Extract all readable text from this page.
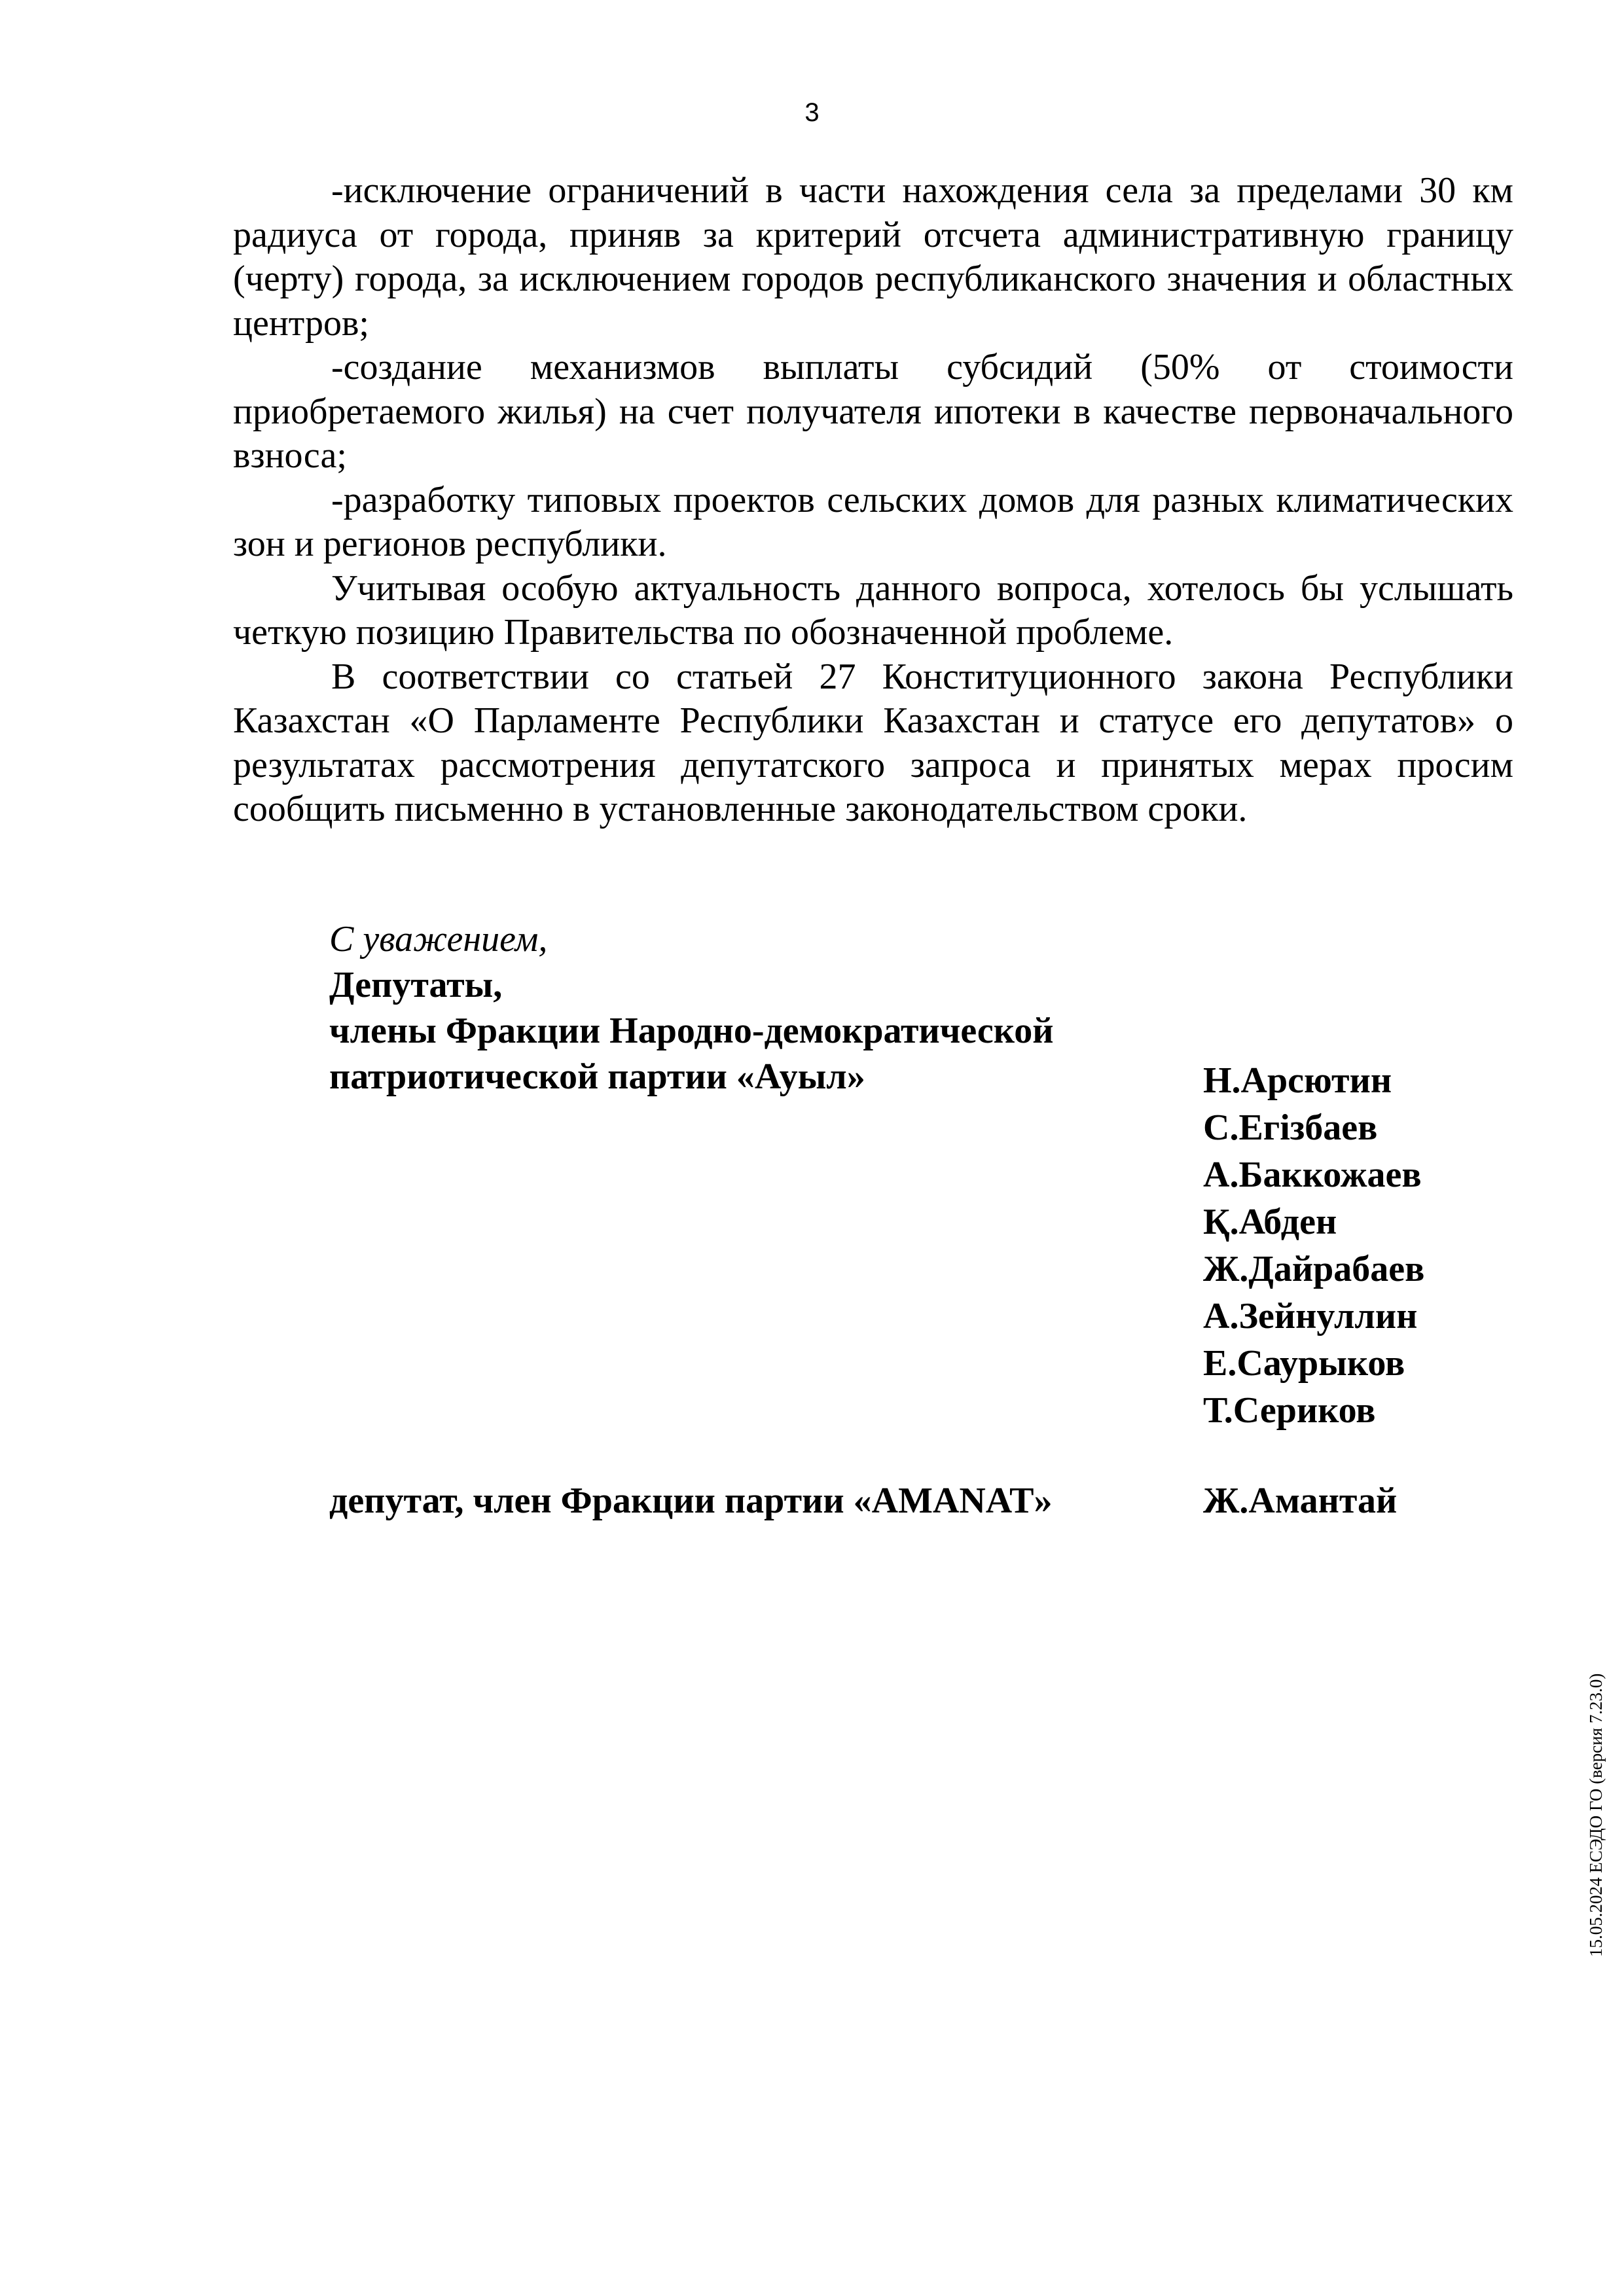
3

-исключение ограничений в части нахождения села за пределами 30 км радиуса от города, приняв за критерий отсчета административную границу (черту) города, за исключением городов республиканского значения и областных центров;

-создание механизмов выплаты субсидий (50% от стоимости приобретаемого жилья) на счет получателя ипотеки в качестве первоначального взноса;

-разработку типовых проектов сельских домов для разных климатических зон и регионов республики.

Учитывая особую актуальность данного вопроса, хотелось бы услышать четкую позицию Правительства по обозначенной проблеме.

В соответствии со статьей 27 Конституционного закона Республики Казахстан «О Парламенте Республики Казахстан и статусе его депутатов» о результатах рассмотрения депутатского запроса и принятых мерах просим сообщить письменно в установленные законодательством сроки.

С уважением,
Депутаты,
члены Фракции Народно-демократической
патриотической партии «Ауыл»	Н.Арсютин
С.Егізбаев
А.Баккожаев
Қ.Абден
Ж.Дайрабаев
А.Зейнуллин
Е.Саурыков
Т.Сериков
депутат, член Фракции партии «AMANAT»	Ж.Амантай
15.05.2024 ЕСЭДО ГО (версия 7.23.0)
